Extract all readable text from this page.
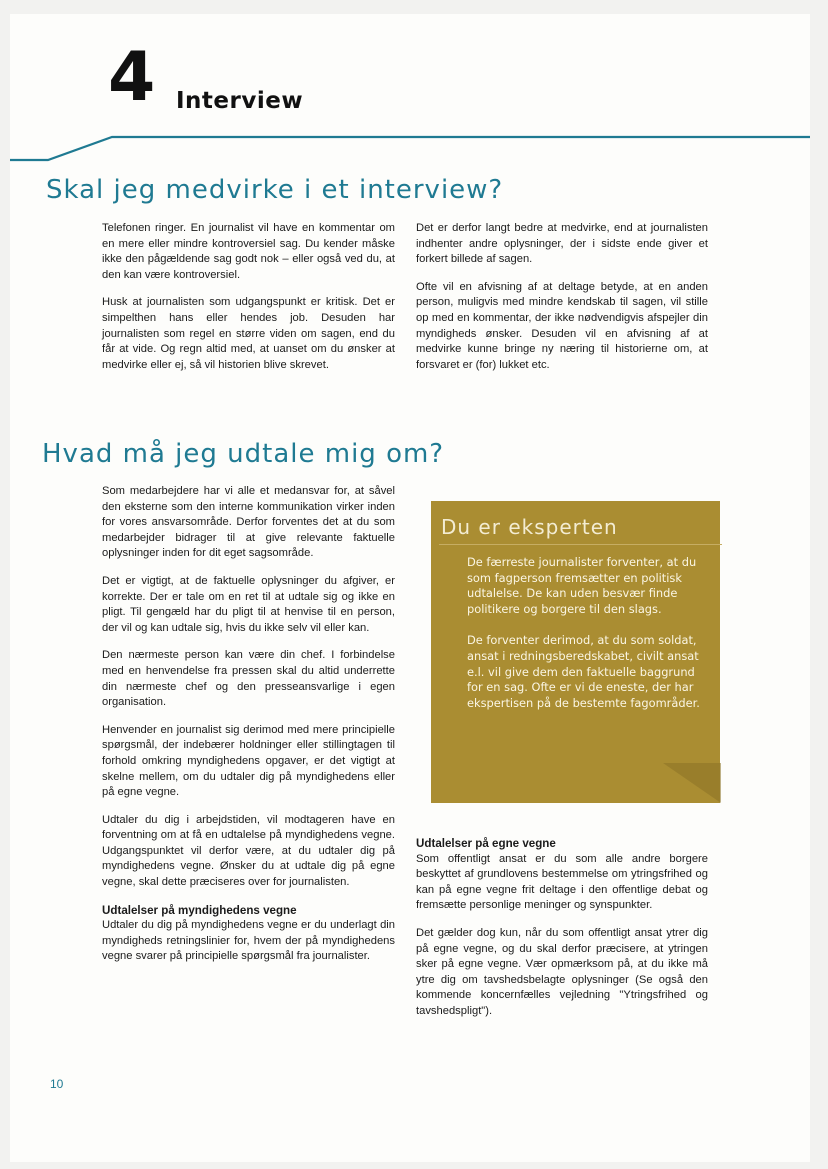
4 Interview
Skal jeg medvirke i et interview?

Telefonen ringer. En journalist vil have en kommentar om en mere eller mindre kontroversiel sag. Du kender måske ikke den pågældende sag godt nok – eller også ved du, at den kan være kontroversiel.

Husk at journalisten som udgangspunkt er kritisk. Det er simpelthen hans eller hendes job. Desuden har journalisten som regel en større viden om sagen, end du får at vide. Og regn altid med, at uanset om du ønsker at medvirke eller ej, så vil historien blive skrevet.

Det er derfor langt bedre at medvirke, end at journalisten indhenter andre oplysninger, der i sidste ende giver et forkert billede af sagen.

Ofte vil en afvisning af at deltage betyde, at en anden person, muligvis med mindre kendskab til sagen, vil stille op med en kommentar, der ikke nødvendigvis afspejler din myndigheds ønsker. Desuden vil en afvisning af at medvirke kunne bringe ny næring til historierne om, at forsvaret er (for) lukket etc.

Hvad må jeg udtale mig om?

Som medarbejdere har vi alle et medansvar for, at såvel den eksterne som den interne kommunikation virker inden for vores ansvarsområde. Derfor forventes det at du som medarbejder bidrager til at give relevante faktuelle oplysninger inden for dit eget sagsområde.

Det er vigtigt, at de faktuelle oplysninger du afgiver, er korrekte. Der er tale om en ret til at udtale sig og ikke en pligt. Til gengæld har du pligt til at henvise til en person, der vil og kan udtale sig, hvis du ikke selv vil eller kan.

Den nærmeste person kan være din chef. I forbindelse med en henvendelse fra pressen skal du altid underrette din nærmeste chef og den presseansvarlige i egen organisation.

Henvender en journalist sig derimod med mere principielle spørgsmål, der indebærer holdninger eller stillingtagen til forhold omkring myndighedens opgaver, er det vigtigt at skelne mellem, om du udtaler dig på myndighedens eller på egne vegne.

Udtaler du dig i arbejdstiden, vil modtageren have en forventning om at få en udtalelse på myndighedens vegne. Udgangspunktet vil derfor være, at du udtaler dig på myndighedens vegne. Ønsker du at udtale dig på egne vegne, skal dette præciseres over for journalisten.

Udtalelser på myndighedens vegne

Udtaler du dig på myndighedens vegne er du underlagt din myndigheds retningslinier for, hvem der på myndighedens vegne svarer på principielle spørgsmål fra journalister.

Du er eksperten

De færreste journalister forventer, at du som fagperson fremsætter en politisk udtalelse. De kan uden besvær finde politikere og borgere til den slags.

De forventer derimod, at du som soldat, ansat i redningsberedskabet, civilt ansat e.l. vil give dem den faktuelle baggrund for en sag. Ofte er vi de eneste, der har ekspertisen på de bestemte fagområder.

Udtalelser på egne vegne

Som offentligt ansat er du som alle andre borgere beskyttet af grundlovens bestemmelse om ytringsfrihed og kan på egne vegne frit deltage i den offentlige debat og fremsætte personlige meninger og synspunkter.

Det gælder dog kun, når du som offentligt ansat ytrer dig på egne vegne, og du skal derfor præcisere, at ytringen sker på egne vegne. Vær opmærksom på, at du ikke må ytre dig om tavshedsbelagte oplysninger (Se også den kommende koncernfælles vejledning "Ytringsfrihed og tavshedspligt").

10
